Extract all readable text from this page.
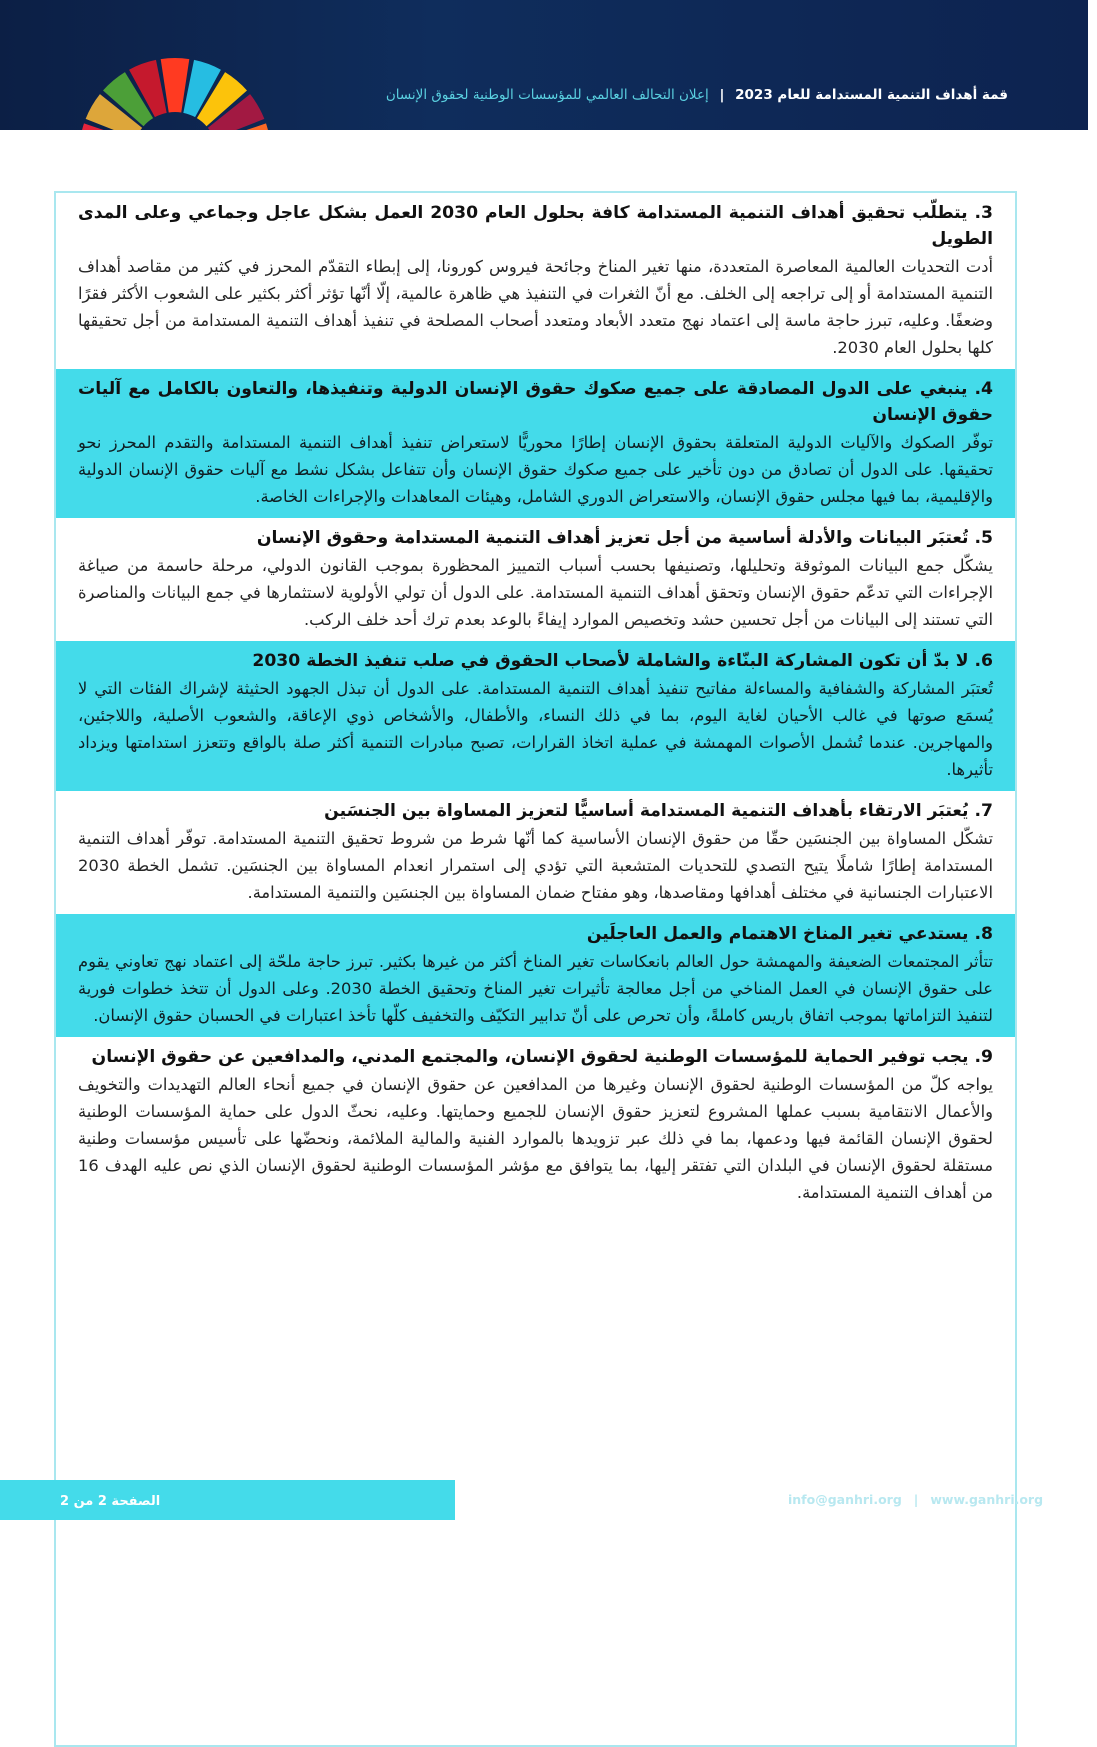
قمة أهداف التنمية المستدامة للعام 2023 | إعلان التحالف العالمي للمؤسسات الوطنية لحقوق الإنسان
3. يتطلّب تحقيق أهداف التنمية المستدامة كافة بحلول العام 2030 العمل بشكل عاجل وجماعي وعلى المدى الطويل
أدت التحديات العالمية المعاصرة المتعددة، منها تغير المناخ وجائحة فيروس كورونا، إلى إبطاء التقدّم المحرز في كثير من مقاصد أهداف التنمية المستدامة أو إلى تراجعه إلى الخلف. مع أنّ الثغرات في التنفيذ هي ظاهرة عالمية، إلّا أنّها تؤثر أكثر بكثير على الشعوب الأكثر فقرًا وضعفًا. وعليه، تبرز حاجة ماسة إلى اعتماد نهج متعدد الأبعاد ومتعدد أصحاب المصلحة في تنفيذ أهداف التنمية المستدامة من أجل تحقيقها كلها بحلول العام 2030.
4. ينبغي على الدول المصادقة على جميع صكوك حقوق الإنسان الدولية وتنفيذها، والتعاون بالكامل مع آليات حقوق الإنسان
توفّر الصكوك والآليات الدولية المتعلقة بحقوق الإنسان إطارًا محوريًّا لاستعراض تنفيذ أهداف التنمية المستدامة والتقدم المحرز نحو تحقيقها. على الدول أن تصادق من دون تأخير على جميع صكوك حقوق الإنسان وأن تتفاعل بشكل نشط مع آليات حقوق الإنسان الدولية والإقليمية، بما فيها مجلس حقوق الإنسان، والاستعراض الدوري الشامل، وهيئات المعاهدات والإجراءات الخاصة.
5. تُعتبَر البيانات والأدلة أساسية من أجل تعزيز أهداف التنمية المستدامة وحقوق الإنسان
يشكّل جمع البيانات الموثوقة وتحليلها، وتصنيفها بحسب أسباب التمييز المحظورة بموجب القانون الدولي، مرحلة حاسمة من صياغة الإجراءات التي تدعّم حقوق الإنسان وتحقق أهداف التنمية المستدامة. على الدول أن تولي الأولوية لاستثمارها في جمع البيانات والمناصرة التي تستند إلى البيانات من أجل تحسين حشد وتخصيص الموارد إيفاءً بالوعد بعدم ترك أحد خلف الركب.
6. لا بدّ أن تكون المشاركة البنّاءة والشاملة لأصحاب الحقوق في صلب تنفيذ الخطة 2030
تُعتبَر المشاركة والشفافية والمساءلة مفاتيح تنفيذ أهداف التنمية المستدامة. على الدول أن تبذل الجهود الحثيثة لإشراك الفئات التي لا يُسمَع صوتها في غالب الأحيان لغاية اليوم، بما في ذلك النساء، والأطفال، والأشخاص ذوي الإعاقة، والشعوب الأصلية، واللاجئين، والمهاجرين. عندما تُشمل الأصوات المهمشة في عملية اتخاذ القرارات، تصبح مبادرات التنمية أكثر صلة بالواقع وتتعزز استدامتها ويزداد تأثيرها.
7. يُعتبَر الارتقاء بأهداف التنمية المستدامة أساسيًّا لتعزيز المساواة بين الجنسَين
تشكّل المساواة بين الجنسَين حقّا من حقوق الإنسان الأساسية كما أنّها شرط من شروط تحقيق التنمية المستدامة. توفّر أهداف التنمية المستدامة إطارًا شاملًا يتيح التصدي للتحديات المتشعبة التي تؤدي إلى استمرار انعدام المساواة بين الجنسَين. تشمل الخطة 2030 الاعتبارات الجنسانية في مختلف أهدافها ومقاصدها، وهو مفتاح ضمان المساواة بين الجنسَين والتنمية المستدامة.
8. يستدعي تغير المناخ الاهتمام والعمل العاجلَين
تتأثر المجتمعات الضعيفة والمهمشة حول العالم بانعكاسات تغير المناخ أكثر من غيرها بكثير. تبرز حاجة ملحّة إلى اعتماد نهج تعاوني يقوم على حقوق الإنسان في العمل المناخي من أجل معالجة تأثيرات تغير المناخ وتحقيق الخطة 2030. وعلى الدول أن تتخذ خطوات فورية لتنفيذ التزاماتها بموجب اتفاق باريس كاملةً، وأن تحرص على أنّ تدابير التكيّف والتخفيف كلّها تأخذ اعتبارات في الحسبان حقوق الإنسان.
9. يجب توفير الحماية للمؤسسات الوطنية لحقوق الإنسان، والمجتمع المدني، والمدافعين عن حقوق الإنسان
يواجه كلّ من المؤسسات الوطنية لحقوق الإنسان وغيرها من المدافعين عن حقوق الإنسان في جميع أنحاء العالم التهديدات والتخويف والأعمال الانتقامية بسبب عملها المشروع لتعزيز حقوق الإنسان للجميع وحمايتها. وعليه، نحثّ الدول على حماية المؤسسات الوطنية لحقوق الإنسان القائمة فيها ودعمها، بما في ذلك عبر تزويدها بالموارد الفنية والمالية الملائمة، ونحضّها على تأسيس مؤسسات وطنية مستقلة لحقوق الإنسان في البلدان التي تفتقر إليها، بما يتوافق مع مؤشر المؤسسات الوطنية لحقوق الإنسان الذي نص عليه الهدف 16 من أهداف التنمية المستدامة.
الصفحة 2 من 2	info@ganhri.org | www.ganhri.org
